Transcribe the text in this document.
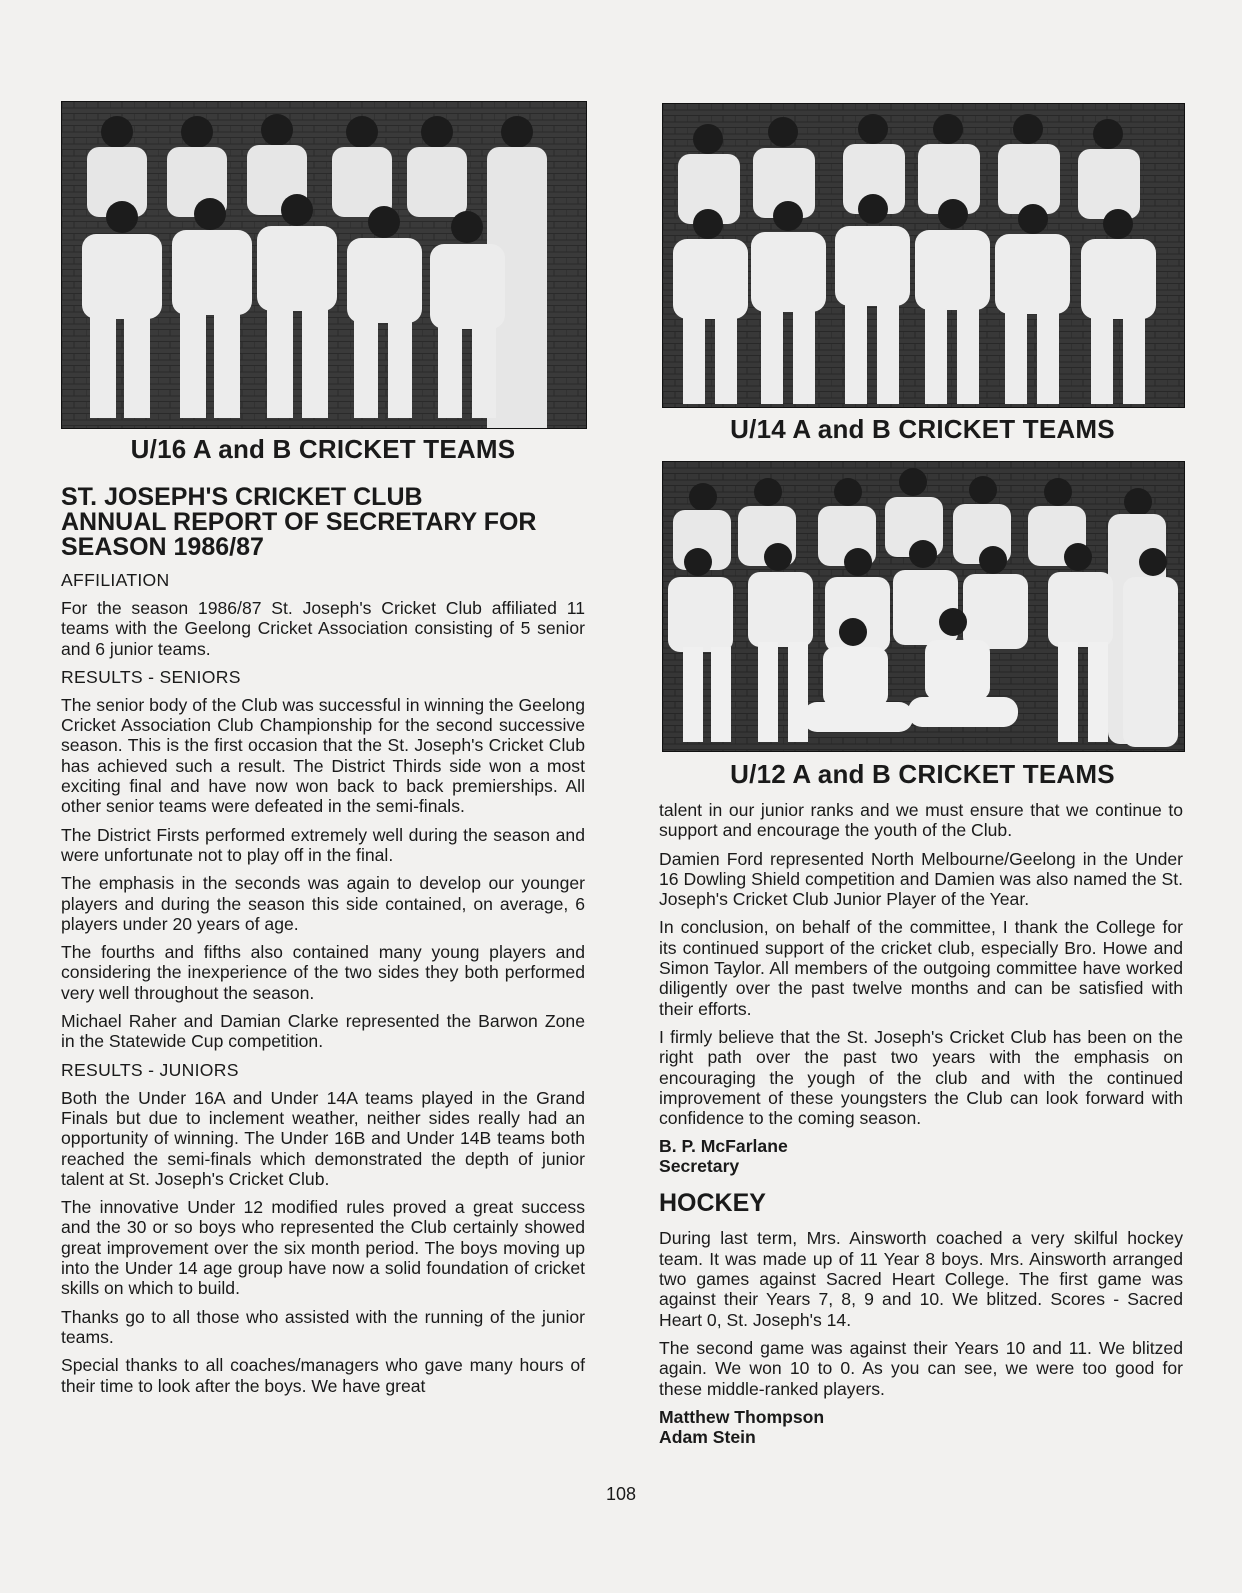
U/16 A and B CRICKET TEAMS
U/14 A and B CRICKET TEAMS
U/12 A and B CRICKET TEAMS
ST. JOSEPH'S CRICKET CLUB
ANNUAL REPORT OF SECRETARY FOR
SEASON 1986/87
AFFILIATION

For the season 1986/87 St. Joseph's Cricket Club affiliated 11 teams with the Geelong Cricket Association consisting of 5 senior and 6 junior teams.

RESULTS - SENIORS

The senior body of the Club was successful in winning the Geelong Cricket Association Club Championship for the second successive season. This is the first occasion that the St. Joseph's Cricket Club has achieved such a result. The District Thirds side won a most exciting final and have now won back to back premierships. All other senior teams were defeated in the semi-finals.

The District Firsts performed extremely well during the season and were unfortunate not to play off in the final.

The emphasis in the seconds was again to develop our younger players and during the season this side contained, on average, 6 players under 20 years of age.

The fourths and fifths also contained many young players and considering the inexperience of the two sides they both performed very well throughout the season.

Michael Raher and Damian Clarke represented the Barwon Zone in the Statewide Cup competition.

RESULTS - JUNIORS

Both the Under 16A and Under 14A teams played in the Grand Finals but due to inclement weather, neither sides really had an opportunity of winning. The Under 16B and Under 14B teams both reached the semi-finals which demonstrated the depth of junior talent at St. Joseph's Cricket Club.

The innovative Under 12 modified rules proved a great success and the 30 or so boys who represented the Club certainly showed great improvement over the six month period. The boys moving up into the Under 14 age group have now a solid foundation of cricket skills on which to build.

Thanks go to all those who assisted with the running of the junior teams.

Special thanks to all coaches/managers who gave many hours of their time to look after the boys. We have great

talent in our junior ranks and we must ensure that we continue to support and encourage the youth of the Club.

Damien Ford represented North Melbourne/Geelong in the Under 16 Dowling Shield competition and Damien was also named the St. Joseph's Cricket Club Junior Player of the Year.

In conclusion, on behalf of the committee, I thank the College for its continued support of the cricket club, especially Bro. Howe and Simon Taylor. All members of the outgoing committee have worked diligently over the past twelve months and can be satisfied with their efforts.

I firmly believe that the St. Joseph's Cricket Club has been on the right path over the past two years with the emphasis on encouraging the yough of the club and with the continued improvement of these youngsters the Club can look forward with confidence to the coming season.

B. P. McFarlane
Secretary
HOCKEY

During last term, Mrs. Ainsworth coached a very skilful hockey team. It was made up of 11 Year 8 boys. Mrs. Ainsworth arranged two games against Sacred Heart College. The first game was against their Years 7, 8, 9 and 10. We blitzed. Scores - Sacred Heart 0, St. Joseph's 14.

The second game was against their Years 10 and 11. We blitzed again. We won 10 to 0. As you can see, we were too good for these middle-ranked players.

Matthew Thompson
Adam Stein
108
